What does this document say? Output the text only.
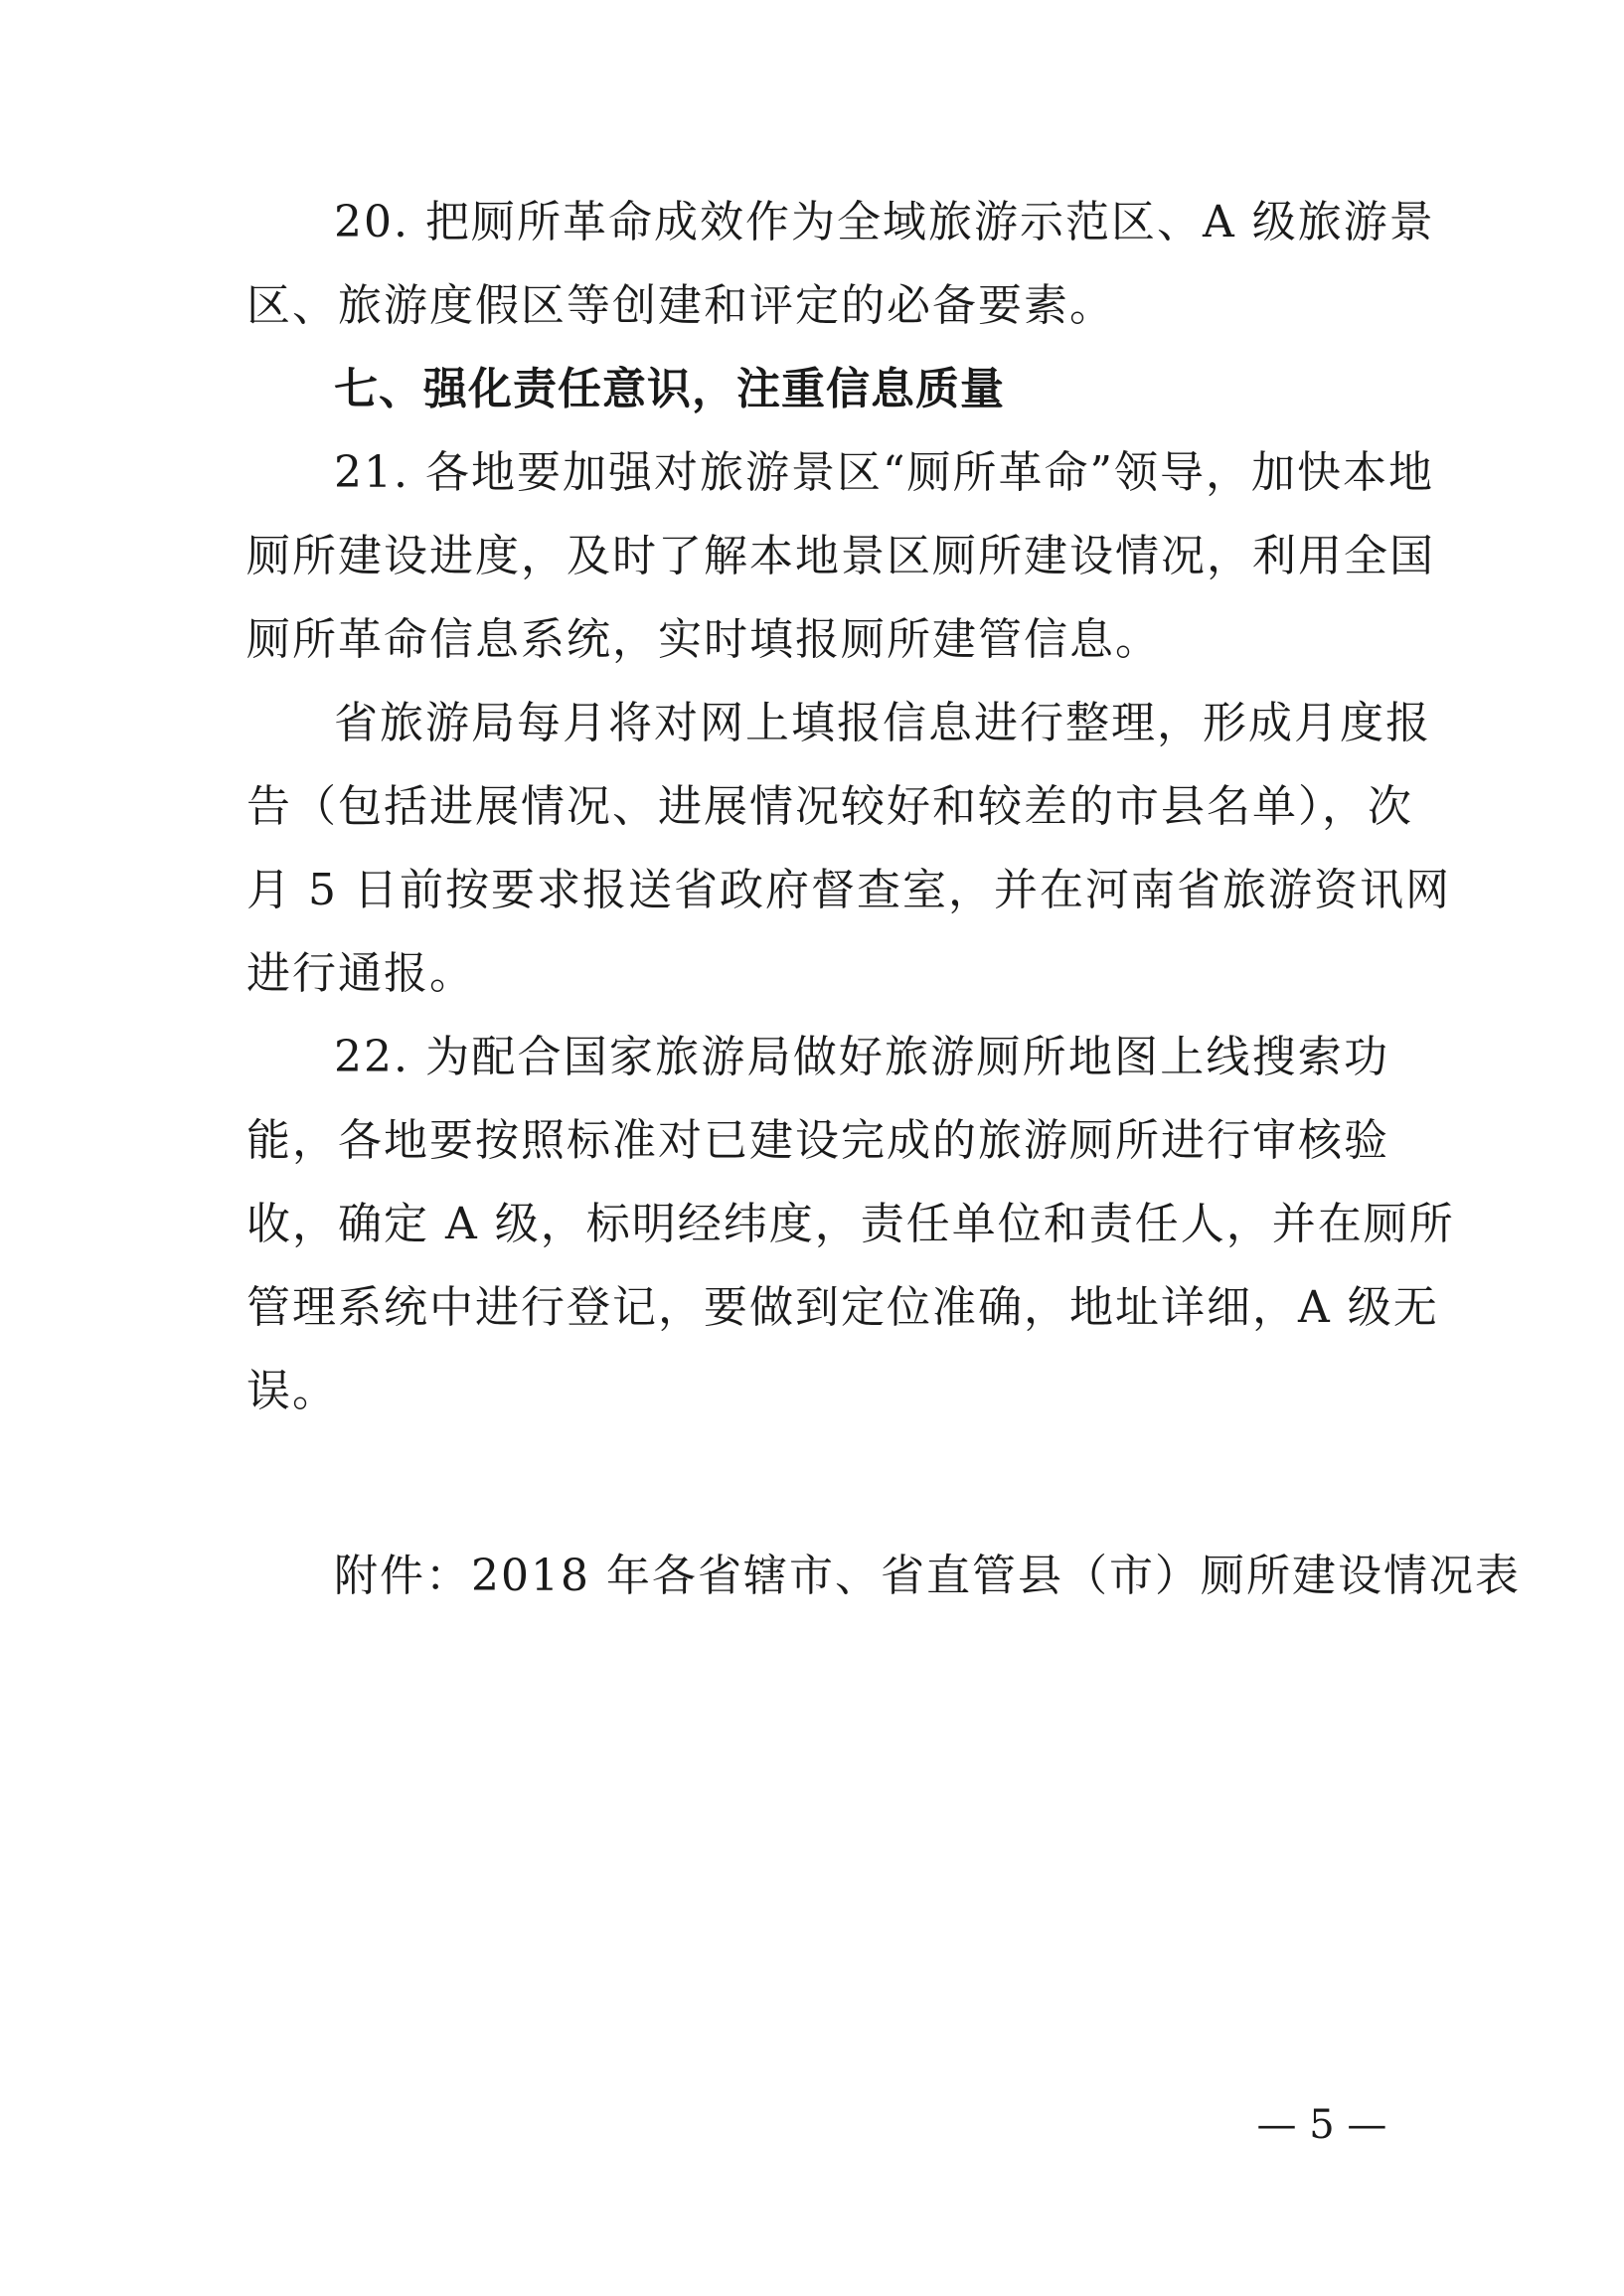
20. 把厕所革命成效作为全域旅游示范区、A 级旅游景
区、旅游度假区等创建和评定的必备要素。
七、强化责任意识，注重信息质量
21. 各地要加强对旅游景区“厕所革命”领导，加快本地
厕所建设进度，及时了解本地景区厕所建设情况，利用全国
厕所革命信息系统，实时填报厕所建管信息。
省旅游局每月将对网上填报信息进行整理，形成月度报
告（包括进展情况、进展情况较好和较差的市县名单），次
月 5 日前按要求报送省政府督查室，并在河南省旅游资讯网
进行通报。
22. 为配合国家旅游局做好旅游厕所地图上线搜索功
能，各地要按照标准对已建设完成的旅游厕所进行审核验
收，确定 A 级，标明经纬度，责任单位和责任人，并在厕所
管理系统中进行登记，要做到定位准确，地址详细，A 级无
误。
附件：2018 年各省辖市、省直管县（市）厕所建设情况表
— 5 —
